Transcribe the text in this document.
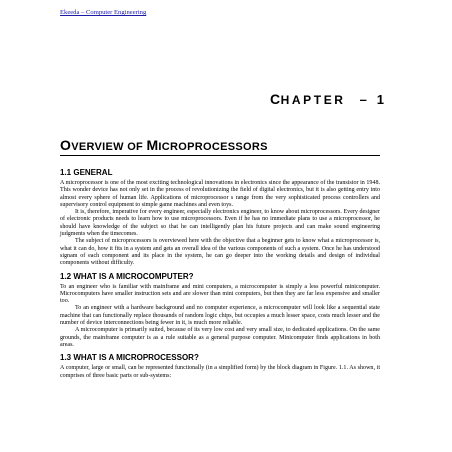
Ekeeda – Computer Engineering
CHAPTER – 1
OVERVIEW OF MICROPROCESSORS
1.1 GENERAL

A microprocessor is one of the most exciting technological innovations in electronics since the appearance of the transistor in 1948. This wonder device has not only set in the process of revolutionizing the field of digital electronics, but it is also getting entry into almost every sphere of human life. Applications of microprocessor s range from the very sophisticated process controllers and supervisory control equipment to simple game machines and even toys.

It is, therefore, imperative for every engineer, especially electronics engineer, to know about microprocessors. Every designer of electronic products needs to learn how to use microprocessors. Even if he has no immediate plans to use a microprocessor, he should have knowledge of the subject so that he can intelligently plan his future projects and can make sound engineering judgments when the timecomes.

The subject of microprocessors is overviewed here with the objective that a beginner gets to know what a microprocessor is, what it can do, how it fits in a system and gets an overall idea of the various components of such a system. Once he has understood signam of each component and its place in the system, he can go deeper into the working details and design of individual components without difficulty.

1.2 WHAT IS A MICROCOMPUTER?

To an engineer who is familiar with mainframe and mini computers, a microcomputer is simply a less powerful minicomputer. Microcomputers have smaller instruction sets and are slower than mini computers, but then they are far less expensive and smaller too.

To an engineer with a hardware background and no computer experience, a microcomputer will look like a sequential state machine that can functionally replace thousands of random logic chips, but occupies a much lesser space, costs much lesser and the number of device interconnections being fewer in it, is much more reliable.

A microcomputer is primarily suited, because of its very low cost and very small size, to dedicated applications. On the same grounds, the mainframe computer is as a rule suitable as a general purpose computer. Minicomputer finds applications in both areas.

1.3 WHAT IS A MICROPROCESSOR?

A computer, large or small, can be represented functionally (in a simplified form) by the block diagram in Figure. 1.1. As shown, it comprises of three basic parts or sub-systems:
